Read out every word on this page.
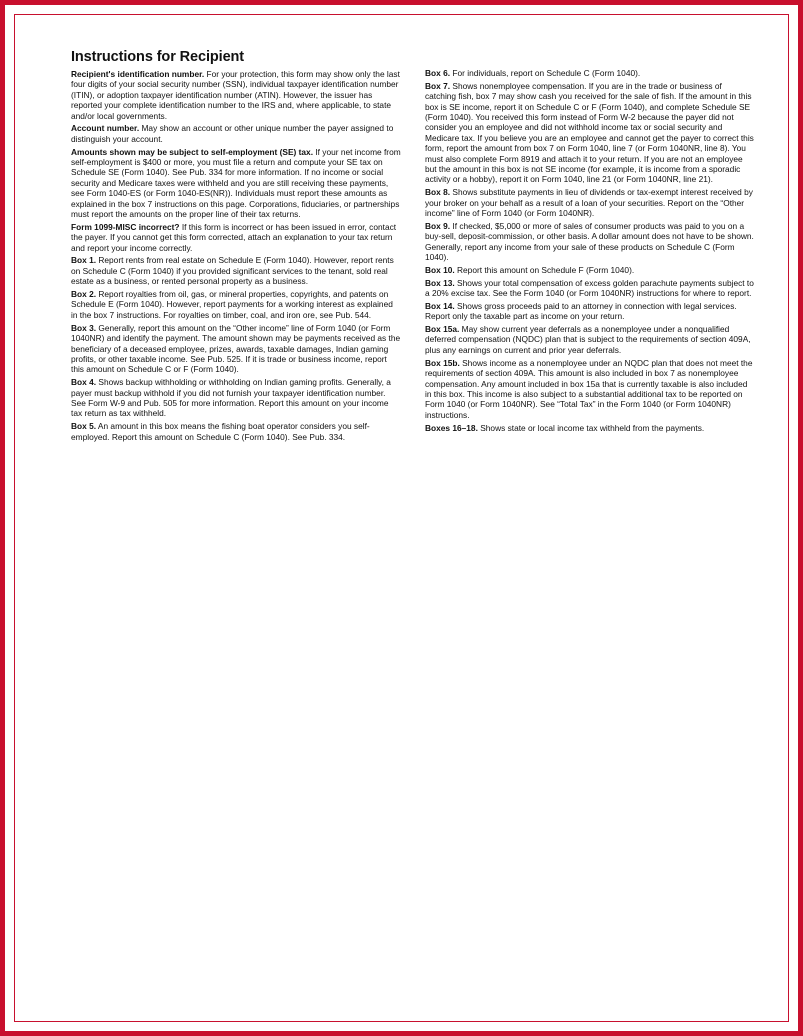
Instructions for Recipient

Recipient's identification number. For your protection, this form may show only the last four digits of your social security number (SSN), individual taxpayer identification number (ITIN), or adoption taxpayer identification number (ATIN). However, the issuer has reported your complete identification number to the IRS and, where applicable, to state and/or local governments.

Account number. May show an account or other unique number the payer assigned to distinguish your account.

Amounts shown may be subject to self-employment (SE) tax. If your net income from self-employment is $400 or more, you must file a return and compute your SE tax on Schedule SE (Form 1040). See Pub. 334 for more information. If no income or social security and Medicare taxes were withheld and you are still receiving these payments, see Form 1040-ES (or Form 1040-ES(NR)). Individuals must report these amounts as explained in the box 7 instructions on this page. Corporations, fiduciaries, or partnerships must report the amounts on the proper line of their tax returns.

Form 1099-MISC incorrect? If this form is incorrect or has been issued in error, contact the payer. If you cannot get this form corrected, attach an explanation to your tax return and report your income correctly.

Box 1. Report rents from real estate on Schedule E (Form 1040). However, report rents on Schedule C (Form 1040) if you provided significant services to the tenant, sold real estate as a business, or rented personal property as a business.

Box 2. Report royalties from oil, gas, or mineral properties, copyrights, and patents on Schedule E (Form 1040). However, report payments for a working interest as explained in the box 7 instructions. For royalties on timber, coal, and iron ore, see Pub. 544.

Box 3. Generally, report this amount on the “Other income” line of Form 1040 (or Form 1040NR) and identify the payment. The amount shown may be payments received as the beneficiary of a deceased employee, prizes, awards, taxable damages, Indian gaming profits, or other taxable income. See Pub. 525. If it is trade or business income, report this amount on Schedule C or F (Form 1040).

Box 4. Shows backup withholding or withholding on Indian gaming profits. Generally, a payer must backup withhold if you did not furnish your taxpayer identification number. See Form W-9 and Pub. 505 for more information. Report this amount on your income tax return as tax withheld.

Box 5. An amount in this box means the fishing boat operator considers you self-employed. Report this amount on Schedule C (Form 1040). See Pub. 334.

Box 6. For individuals, report on Schedule C (Form 1040).

Box 7. Shows nonemployee compensation. If you are in the trade or business of catching fish, box 7 may show cash you received for the sale of fish. If the amount in this box is SE income, report it on Schedule C or F (Form 1040), and complete Schedule SE (Form 1040). You received this form instead of Form W-2 because the payer did not consider you an employee and did not withhold income tax or social security and Medicare tax. If you believe you are an employee and cannot get the payer to correct this form, report the amount from box 7 on Form 1040, line 7 (or Form 1040NR, line 8). You must also complete Form 8919 and attach it to your return. If you are not an employee but the amount in this box is not SE income (for example, it is income from a sporadic activity or a hobby), report it on Form 1040, line 21 (or Form 1040NR, line 21).

Box 8. Shows substitute payments in lieu of dividends or tax-exempt interest received by your broker on your behalf as a result of a loan of your securities. Report on the “Other income” line of Form 1040 (or Form 1040NR).

Box 9. If checked, $5,000 or more of sales of consumer products was paid to you on a buy-sell, deposit-commission, or other basis. A dollar amount does not have to be shown. Generally, report any income from your sale of these products on Schedule C (Form 1040).

Box 10. Report this amount on Schedule F (Form 1040).

Box 13. Shows your total compensation of excess golden parachute payments subject to a 20% excise tax. See the Form 1040 (or Form 1040NR) instructions for where to report.

Box 14. Shows gross proceeds paid to an attorney in connection with legal services. Report only the taxable part as income on your return.

Box 15a. May show current year deferrals as a nonemployee under a nonqualified deferred compensation (NQDC) plan that is subject to the requirements of section 409A, plus any earnings on current and prior year deferrals.

Box 15b. Shows income as a nonemployee under an NQDC plan that does not meet the requirements of section 409A. This amount is also included in box 7 as nonemployee compensation. Any amount included in box 15a that is currently taxable is also included in this box. This income is also subject to a substantial additional tax to be reported on Form 1040 (or Form 1040NR). See “Total Tax” in the Form 1040 (or Form 1040NR) instructions.

Boxes 16–18. Shows state or local income tax withheld from the payments.
